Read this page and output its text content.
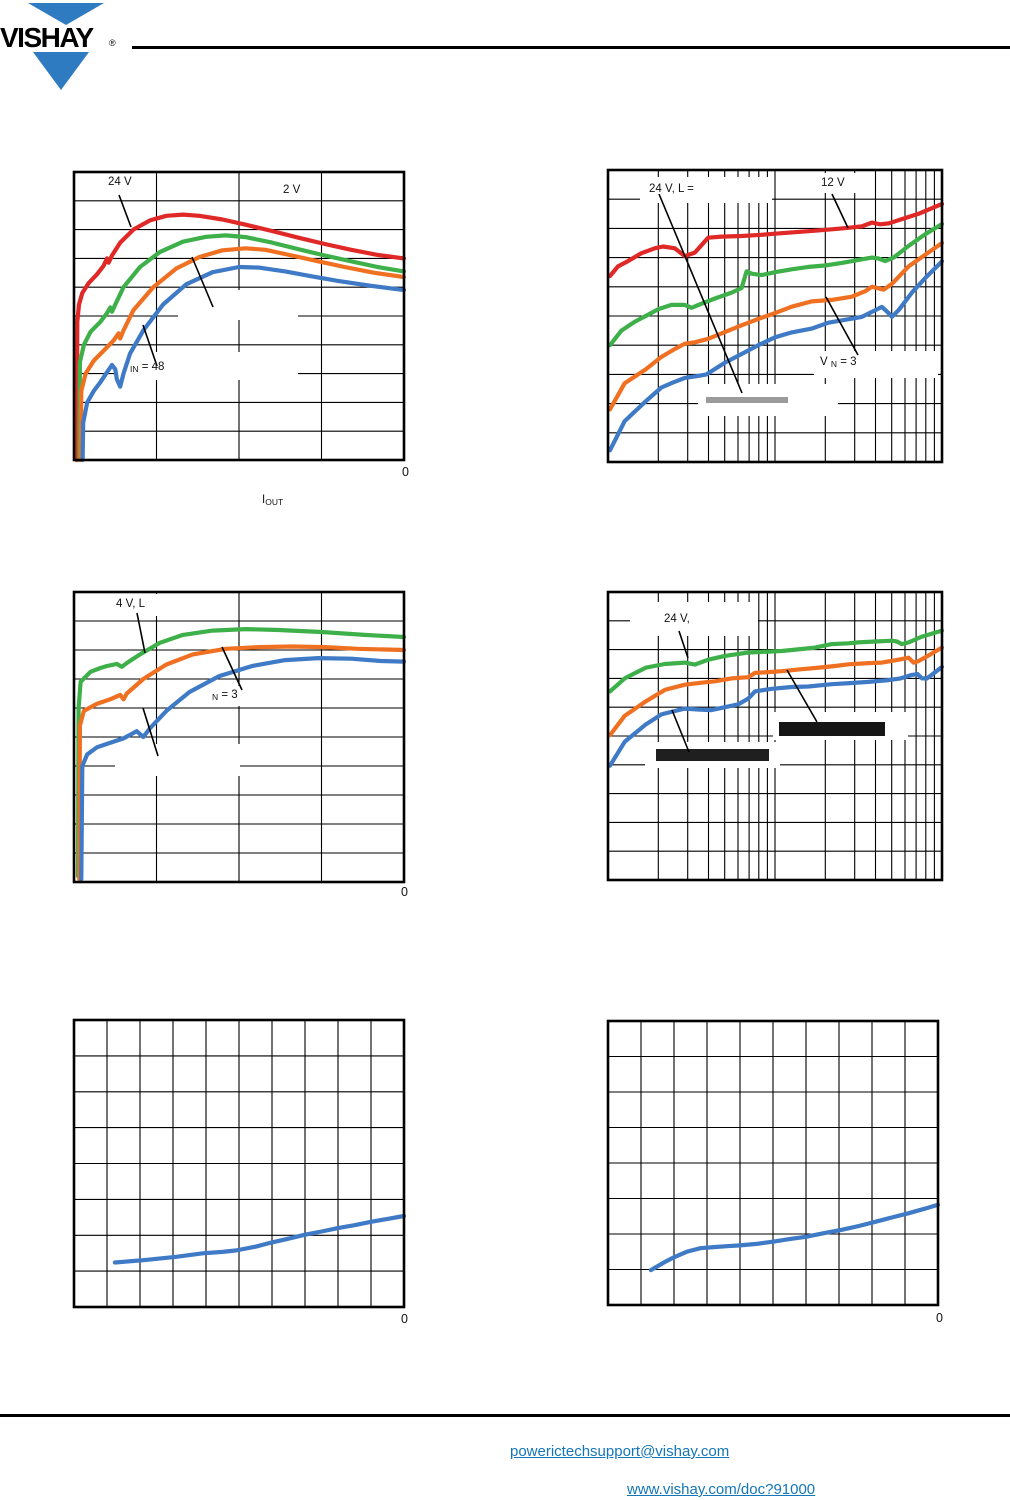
VISHAY ®
powerictechsupport@vishay.com
www.vishay.com/doc?91000
24 V
2 V
$_{IN}$ = 48
$I_{OUT}$
0
24 V, L =	12 V
V $_N$ = 3
4 V, L
$_N$ = 3
0
24 V,
0	0
